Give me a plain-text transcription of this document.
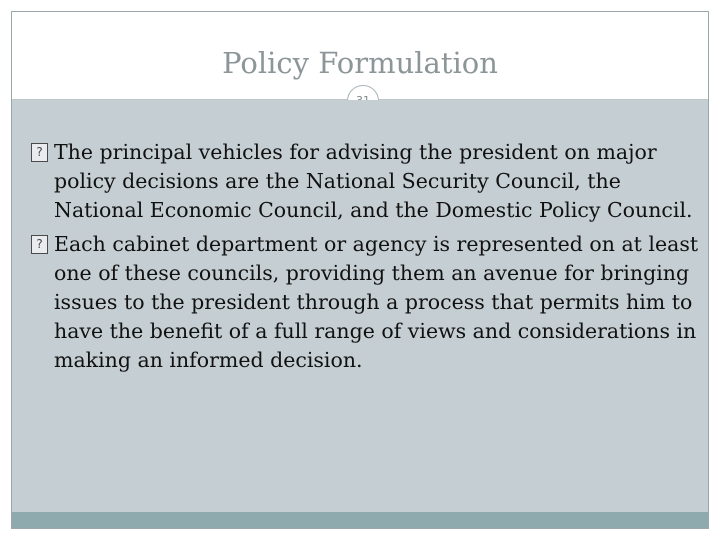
Policy Formulation
?
The principal vehicles for advising the president on major policy decisions are the National Security Council, the National Economic Council, and the Domestic Policy Council.
?
Each cabinet department or agency is represented on at least one of these councils, providing them an avenue for bringing issues to the president through a process that permits him to have the benefit of a full range of views and considerations in making an informed decision.
